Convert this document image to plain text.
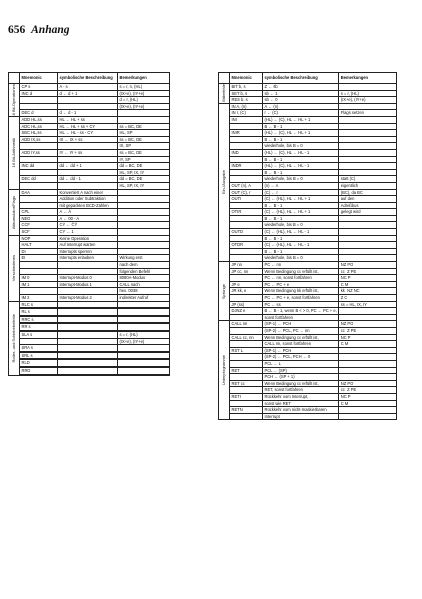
656 Anhang
	Mnemonic	symbolische Beschreibung	Bemerkungen

8 Bit-Operationen	CP s	A - s	s = r, n, (HL)
	INC d	d ← d + 1	(IX+e), (IY+e)
			d = r, (HL)
			(IX+e), (IY+e)
	DEC d	d ← d - 1	

16 Bit-Arithmetik	ADD HL,ss	HL ← HL + ss	
	ADC HL,ss	HL ← HL + ss + CY	ss = BC, DE
	SBC HL,ss	HL ← HL - ss - CY	HL, SP
	ADD IX,ss	IX ← IX + ss	ss = BC, DE
			IX, SP
	ADD IY,ss	IY ← IY + ss	ss = BC, DE
			IY, SP
	INC dd	dd ← dd + 1	dd = BC, DE
			HL, SP, IX, IY
	DEC dd	dd ← dd - 1	dd = BC, DE
			HL, SP, IX, IY

Akkumulator/Flags	DAA	Konvertiert A nach einer	
		Addition oder Subtraktion	
		mit gepackten BCD-Zahlen	
	CPL	A ← Ā	
	NEG	A ← 00 - A	
	CCF	CY ← C̄Ȳ	
	SCF	CY ← 1	

Verschiedenes	NOP	Keine Operation	
	HALT	Auf Interrupt warten	
	DI	Interrupts sperren	
	EI	Interrupts erlauben	Wirkung erst
			nach dem
			folgenden Befehl
	IM 0	Interrupt-Modus 0	8080A-Modus
	IM 1	Interrupt-Modus 1	CALL nach
			hex. 0038
	IM 2	Interrupt-Modus 2	indirekter Aufruf

Rotier- und Schiebebefehle	RLC s		

	RL s		

	RRC s		

	RR s		

	SLA s		s = r, (HL)
			(IX+e), (IY+e)
	SRA s		

	SRL s		

	RLD		

	RRD		

	Mnemonic	symbolische Beschreibung	Bemerkungen

Bitbefehle	BIT b, s	Z ← s̄b	
	SET b, s	sb ← 1	s = r, (HL)
	RES b, s	sb ← 0	(IX+e), (IY+e)

Ein-/Ausgabe	IN A, (n)	A ← (n)	
	IN r, (C)	r ← (C)	Flags setzen
	INI	(HL) ← (C), HL ← HL + 1	
		B ← B - 1	
	INIR	(HL) ← (C), HL ← HL + 1	
		B ← B - 1	
		wiederhole, bis B = 0	
	IND	(HL) ← (C), HL ← HL - 1	
		B ← B - 1	
	INDR	(HL) ← (C), HL ← HL - 1	
		B ← B - 1	
		wiederhole, bis B = 0	statt (C)
	OUT (n), A	(n) ← A	eigentlich
	OUT (C), r	(C) ← r	(BC), da BC
	OUTI	(C) ← (HL), HL ← HL + 1	auf den
		B ← B - 1	Adreßbus
	OTIR	(C) ← (HL), HL ← HL + 1	gelegt wird
		B ← B - 1	
		wiederhole, bis B = 0	
	OUTD	(C) ← (HL), HL ← HL - 1	
		B ← B - 1	
	OTDR	(C) ← (HL), HL ← HL - 1	
		B ← B - 1	
		wiederhole, bis B = 0	

Sprünge	JP nn	PC ← nn	NZ PO
	JP cc, nn	Wenn Bedingung cc erfüllt ist,	cc  Z PE
		PC ← nn, sonst fortfahren	NC P
	JP e	PC ← PC + e	C M
	JR kk, e	Wenn Bedingung kk erfüllt ist,	kk  NZ NC
		PC ← PC + e, sonst fortfahren	Z C
	JP (ss)	PC ← ss	ss = HL, IX, IY
	DJNZ e	B ← B - 1, wenn B < > 0, PC ← PC + e,	
		sonst fortfahren	

Unterprogramme	CALL nn	(SP-1) ← PCH	NZ PO
		(SP-2) ← PCL, PC ← nn	cc  Z PE
	CALL cc, nn	Wenn Bedingung cc erfüllt ist,	NC P
		CALL nn, sonst fortfahren	C M
	RST L	(SP-1) ← PCH	
		(SP-2) ← PCL, PCH ← 0	
		PCL ← L	
	RET	PCL ← (SP)	
		PCH ← (SP + 1)	
	RET cc	Wenn Bedingung cc erfüllt ist,	NZ PO
		RET, sonst fortfahren	cc  Z PE
	RETI	Rückkehr vom Interrupt,	NC P
		sonst wie RET	C M
	RETN	Rückkehr vom nicht-maskierbaren	
		Interrupt	
